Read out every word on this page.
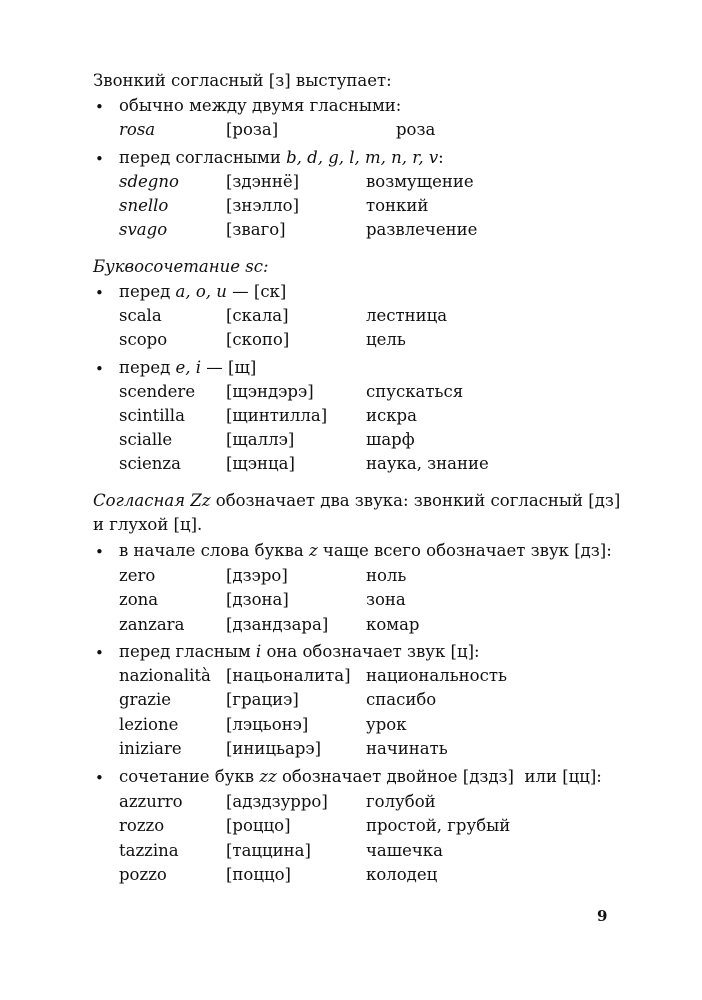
Звонкий согласный [з] выступает:
• обычно между двумя гласными:
rosa	[роза]	роза
• перед согласными b, d, g, l, m, n, r, v:
sdegno	[здэннё]	возмущение
snello	[знэлло]	тонкий
svago	[зваго]	развлечение
Буквосочетание sc:
• перед a, o, u — [ск]
scala	[скала]	лестница
scopo	[скопо]	цель
• перед e, i — [щ]
scendere [щэндэрэ]	спускаться
scintilla [щинтилла] искра
scialle	[щаллэ]	шарф
scienza	[щэнца]	наука, знание
Согласная Zz обозначает два звука: звонкий согласный [дз]
и глухой [ц].
• в начале слова буква z чаще всего обозначает звук [дз]:
zero	[дзэро]	ноль
zona	[дзона]	зона
zanzara	[дзандзара] комар
• перед гласным i она обозначает звук [ц]:
nazionalità [нацьоналита] национальность
grazie	[грациэ]	спасибо
lezione	[лэцьонэ]	урок
iniziare	[иницьарэ]	начинать
• сочетание букв zz обозначает двойное [дздз]  или [цц]:
azzurro	[адздзурро] голубой
rozzo	[роццо]	простой, грубый
tazzina	[таццина]	чашечка
pozzo	[поццо]	колодец
9
